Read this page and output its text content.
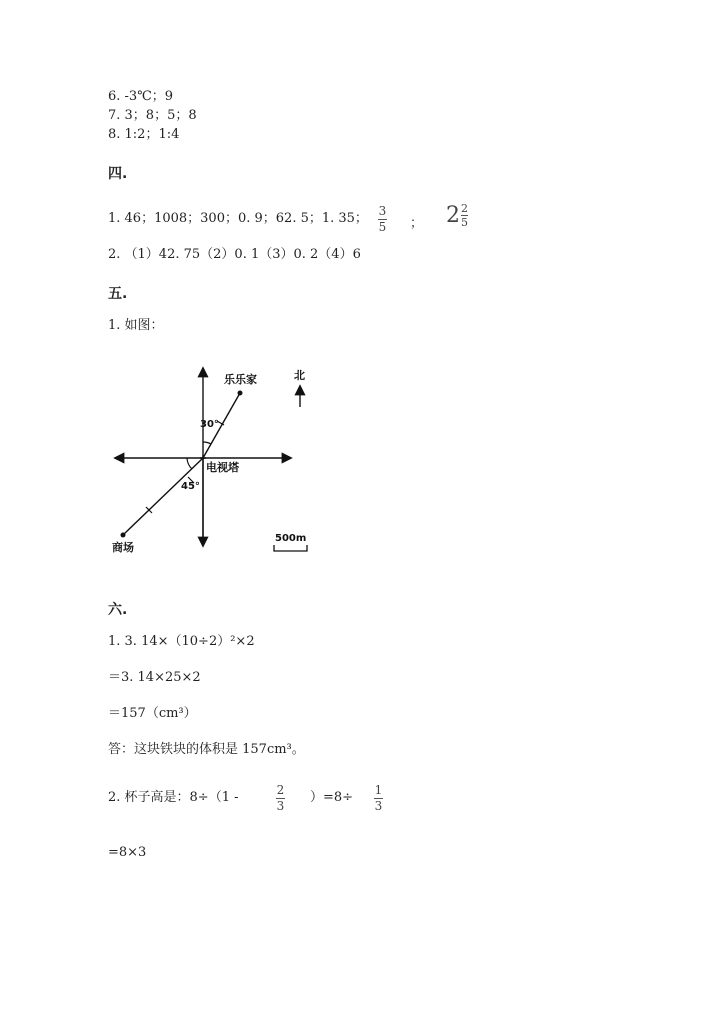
6. -3℃；9
7. 3；8；5；8
8. 1:2；1:4
四.
1. 46；1008；300；0. 9；62. 5；1. 35； 3
5 ； 2 2
5
2. （1）42. 75（2）0. 1（3）0. 2（4）6
五.
1. 如图：
乐乐家
30°
电视塔
45°
商场
北
500m
六.
1. 3. 14×（10÷2）²×2
＝3. 14×25×2
＝157（cm³）
答：这块铁块的体积是 157cm³。
2. 杯子高是：8÷（1 -	2
3
）=8÷ 1
3
=8×3
